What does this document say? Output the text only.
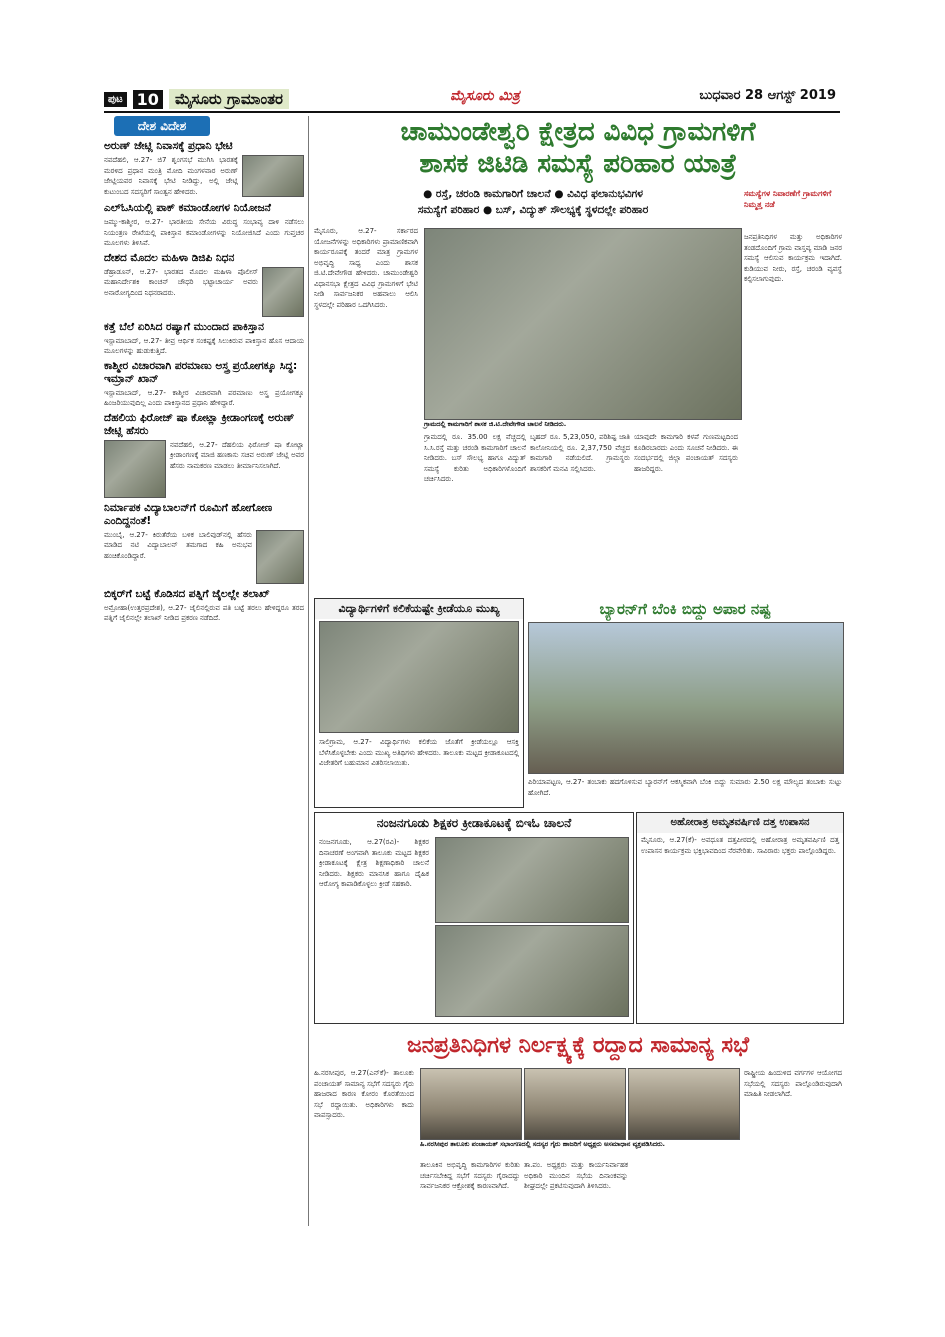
ಪುಟ 10	ಮೈಸೂರು ಗ್ರಾಮಾಂತರ	ಮೈಸೂರು ಮಿತ್ರ	ಬುಧವಾರ 28 ಆಗಸ್ಟ್ 2019
ದೇಶ ವಿದೇಶ
ಅರುಣ್ ಜೇಟ್ಲಿ ನಿವಾಸಕ್ಕೆ ಪ್ರಧಾನಿ ಭೇಟಿ

ನವದೆಹಲಿ, ಆ.27- ಜಿ7 ಶೃಂಗಸಭೆ ಮುಗಿಸಿ ಭಾರತಕ್ಕೆ ಮರಳಿದ ಪ್ರಧಾನ ಮಂತ್ರಿ ಮೋದಿ ಮಂಗಳವಾರ ಅರುಣ್ ಜೇಟ್ಲಿಯವರ ನಿವಾಸಕ್ಕೆ ಭೇಟಿ ನೀಡಿದ್ದು, ಅಲ್ಲಿ ಜೇಟ್ಲಿ ಕುಟುಂಬದ ಸದಸ್ಯರಿಗೆ ಸಾಂತ್ವನ ಹೇಳಿದರು.

ಎಲ್‌ಓಸಿಯಲ್ಲಿ ಪಾಕ್ ಕಮಾಂಡೋಗಳ ನಿಯೋಜನೆ

ಜಮ್ಮು-ಕಾಶ್ಮೀರ, ಆ.27- ಭಾರತೀಯ ಸೇನೆಯ ವಿರುದ್ಧ ಸಂಭಾವ್ಯ ದಾಳಿ ನಡೆಸಲು ನಿಯಂತ್ರಣ ರೇಖೆಯಲ್ಲಿ ಪಾಕಿಸ್ತಾನ ಕಮಾಂಡೋಗಳನ್ನು ನಿಯೋಜಿಸಿದೆ ಎಂದು ಗುಪ್ತಚರ ಮೂಲಗಳು ತಿಳಿಸಿವೆ.

ದೇಶದ ಮೊದಲ ಮಹಿಳಾ ಡಿಜಿಪಿ ನಿಧನ

ಡೆಹ್ರಾಡೂನ್, ಆ.27- ಭಾರತದ ಮೊದಲ ಮಹಿಳಾ ಪೊಲೀಸ್ ಮಹಾನಿರ್ದೇಶಕಿ ಕಾಂಚನ್ ಚೌಧರಿ ಭಟ್ಟಾಚಾರ್ಯ ಅವರು ಅನಾರೋಗ್ಯದಿಂದ ನಿಧನರಾದರು.

ಕತ್ತೆ ಬೆಲೆ ಏರಿಸಿದ ರಷ್ಯಾಗೆ ಮುಂದಾದ ಪಾಕಿಸ್ತಾನ

ಇಸ್ಲಾಮಾಬಾದ್, ಆ.27- ತೀವ್ರ ಆರ್ಥಿಕ ಸಂಕಷ್ಟಕ್ಕೆ ಸಿಲುಕಿರುವ ಪಾಕಿಸ್ತಾನ ಹೊಸ ಆದಾಯ ಮೂಲಗಳನ್ನು ಹುಡುಕುತ್ತಿದೆ.

ಕಾಶ್ಮೀರ ವಿಚಾರವಾಗಿ ಪರಮಾಣು ಅಸ್ತ್ರ ಪ್ರಯೋಗಕ್ಕೂ ಸಿದ್ಧ: ಇಮ್ರಾನ್ ಖಾನ್

ಇಸ್ಲಾಮಾಬಾದ್, ಆ.27- ಕಾಶ್ಮೀರ ವಿಚಾರವಾಗಿ ಪರಮಾಣು ಅಸ್ತ್ರ ಪ್ರಯೋಗಕ್ಕೂ ಹಿಂಜರಿಯುವುದಿಲ್ಲ ಎಂದು ಪಾಕಿಸ್ತಾನದ ಪ್ರಧಾನಿ ಹೇಳಿದ್ದಾರೆ.

ದೆಹಲಿಯ ಫಿರೋಜ್ ಷಾ ಕೋಟ್ಲಾ ಕ್ರೀಡಾಂಗಣಕ್ಕೆ ಅರುಣ್ ಜೇಟ್ಲಿ ಹೆಸರು

ನವದೆಹಲಿ, ಆ.27- ದೆಹಲಿಯ ಫಿರೋಜ್ ಷಾ ಕೋಟ್ಲಾ ಕ್ರೀಡಾಂಗಣಕ್ಕೆ ಮಾಜಿ ಹಣಕಾಸು ಸಚಿವ ಅರುಣ್ ಜೇಟ್ಲಿ ಅವರ ಹೆಸರು ನಾಮಕರಣ ಮಾಡಲು ತೀರ್ಮಾನಿಸಲಾಗಿದೆ.

ನಿರ್ಮಾಪಕ ವಿದ್ಯಾಬಾಲನ್‌ಗೆ ರೂಮಿಗೆ ಹೋಗೋಣ ಎಂದಿದ್ದನಂತೆ!

ಮುಂಬೈ, ಆ.27- ಕಿರುತೆರೆಯ ಬಳಿಕ ಬಾಲಿವುಡ್‌ನಲ್ಲಿ ಹೆಸರು ಮಾಡಿದ ನಟಿ ವಿದ್ಯಾಬಾಲನ್ ತಮಗಾದ ಕಹಿ ಅನುಭವ ಹಂಚಿಕೊಂಡಿದ್ದಾರೆ.

ಬಿಕ್ಕರ್‌ಗೆ ಬಟ್ಟೆ ಕೊಡಿಸದ ಪತ್ನಿಗೆ ಜೈಲಲ್ಲೇ ತಲಾಖ್

ಅಮ್ರೋಹಾ(ಉತ್ತರಪ್ರದೇಶ), ಆ.27- ಜೈಲಿನಲ್ಲಿರುವ ಪತಿ ಬಟ್ಟೆ ತರಲು ಹೇಳಿದ್ದರೂ ತರದ ಪತ್ನಿಗೆ ಜೈಲಿನಲ್ಲೇ ತಲಾಖ್ ನೀಡಿದ ಪ್ರಕರಣ ನಡೆದಿದೆ.

ಚಾಮುಂಡೇಶ್ವರಿ ಕ್ಷೇತ್ರದ ವಿವಿಧ ಗ್ರಾಮಗಳಿಗೆ
ಶಾಸಕ ಜಿಟಿಡಿ ಸಮಸ್ಯೆ ಪರಿಹಾರ ಯಾತ್ರೆ
● ರಸ್ತೆ, ಚರಂಡಿ ಕಾಮಗಾರಿಗೆ ಚಾಲನೆ ● ವಿವಿಧ ಫಲಾನುಭವಿಗಳ
ಸಮಸ್ಯೆಗೆ ಪರಿಹಾರ ● ಬಸ್, ವಿದ್ಯುತ್ ಸೌಲಭ್ಯಕ್ಕೆ ಸ್ಥಳದಲ್ಲೇ ಪರಿಹಾರ
ಸಮಸ್ಯೆಗಳ ನಿವಾರಣೆಗೆ ಗ್ರಾಮಗಳಿಗೆ ನಿಮ್ಮತ್ತ ನಡೆ

ಮೈಸೂರು, ಆ.27- ಸರ್ಕಾರದ ಯೋಜನೆಗಳನ್ನು ಅಧಿಕಾರಿಗಳು ಪ್ರಾಮಾಣಿಕವಾಗಿ ಕಾರ್ಯರೂಪಕ್ಕೆ ತಂದರೆ ಮಾತ್ರ ಗ್ರಾಮಗಳ ಅಭಿವೃದ್ಧಿ ಸಾಧ್ಯ ಎಂದು ಶಾಸಕ ಜಿ.ಟಿ.ದೇವೇಗೌಡ ಹೇಳಿದರು. ಚಾಮುಂಡೇಶ್ವರಿ ವಿಧಾನಸಭಾ ಕ್ಷೇತ್ರದ ವಿವಿಧ ಗ್ರಾಮಗಳಿಗೆ ಭೇಟಿ ನೀಡಿ ಸಾರ್ವಜನಿಕರ ಅಹವಾಲು ಆಲಿಸಿ ಸ್ಥಳದಲ್ಲೇ ಪರಿಹಾರ ಒದಗಿಸಿದರು.

ಗ್ರಾಮದಲ್ಲಿ ಕಾಮಗಾರಿಗೆ ಶಾಸಕ ಜಿ.ಟಿ.ದೇವೇಗೌಡ ಚಾಲನೆ ನೀಡಿದರು.

ಗ್ರಾಮದಲ್ಲಿ ರೂ. 35.00 ಲಕ್ಷ ವೆಚ್ಚದಲ್ಲಿ ಸಿ.ಸಿ.ರಸ್ತೆ ಮತ್ತು ಚರಂಡಿ ಕಾಮಗಾರಿಗೆ ಚಾಲನೆ ನೀಡಿದರು. ಬಸ್ ಸೌಲಭ್ಯ ಹಾಗೂ ವಿದ್ಯುತ್ ಸಮಸ್ಯೆ ಕುರಿತು ಅಧಿಕಾರಿಗಳೊಂದಿಗೆ ಚರ್ಚಿಸಿದರು.

ಬೃಹದ್ ರೂ. 5,23,050, ಪರಿಶಿಷ್ಟ ಜಾತಿ ಕಾಲೋನಿಯಲ್ಲಿ ರೂ. 2,37,750 ವೆಚ್ಚದ ಕಾಮಗಾರಿ ನಡೆಯಲಿದೆ. ಗ್ರಾಮಸ್ಥರು ಶಾಸಕರಿಗೆ ಮನವಿ ಸಲ್ಲಿಸಿದರು.

ಯಾವುದೇ ಕಾಮಗಾರಿ ಕಳಪೆ ಗುಣಮಟ್ಟದಿಂದ ಕೂಡಿರಬಾರದು ಎಂದು ಸೂಚನೆ ನೀಡಿದರು. ಈ ಸಂದರ್ಭದಲ್ಲಿ ಜಿಲ್ಲಾ ಪಂಚಾಯತ್ ಸದಸ್ಯರು ಹಾಜರಿದ್ದರು.

ಜನಪ್ರತಿನಿಧಿಗಳ ಮತ್ತು ಅಧಿಕಾರಿಗಳ ತಂಡದೊಂದಿಗೆ ಗ್ರಾಮ ವಾಸ್ತವ್ಯ ಮಾಡಿ ಜನರ ಸಮಸ್ಯೆ ಆಲಿಸುವ ಕಾರ್ಯಕ್ರಮ ಇದಾಗಿದೆ. ಕುಡಿಯುವ ನೀರು, ರಸ್ತೆ, ಚರಂಡಿ ವ್ಯವಸ್ಥೆ ಕಲ್ಪಿಸಲಾಗುವುದು.

ವಿದ್ಯಾರ್ಥಿಗಳಿಗೆ ಕಲಿಕೆಯಷ್ಟೇ ಕ್ರೀಡೆಯೂ ಮುಖ್ಯ

ಸಾಲಿಗ್ರಾಮ, ಆ.27- ವಿದ್ಯಾರ್ಥಿಗಳು ಕಲಿಕೆಯ ಜೊತೆಗೆ ಕ್ರೀಡೆಯಲ್ಲೂ ಆಸಕ್ತಿ ಬೆಳೆಸಿಕೊಳ್ಳಬೇಕು ಎಂದು ಮುಖ್ಯ ಅತಿಥಿಗಳು ಹೇಳಿದರು. ತಾಲೂಕು ಮಟ್ಟದ ಕ್ರೀಡಾಕೂಟದಲ್ಲಿ ವಿಜೇತರಿಗೆ ಬಹುಮಾನ ವಿತರಿಸಲಾಯಿತು.

ಬ್ಯಾರನ್‌ಗೆ ಬೆಂಕಿ ಬಿದ್ದು ಅಪಾರ ನಷ್ಟ

ಪಿರಿಯಾಪಟ್ಟಣ, ಆ.27- ತಂಬಾಕು ಹದಗೊಳಿಸುವ ಬ್ಯಾರನ್‌ಗೆ ಆಕಸ್ಮಿಕವಾಗಿ ಬೆಂಕಿ ಬಿದ್ದು ಸುಮಾರು 2.50 ಲಕ್ಷ ಮೌಲ್ಯದ ತಂಬಾಕು ಸುಟ್ಟು ಹೋಗಿದೆ.

ನಂಜನಗೂಡು ಶಿಕ್ಷಕರ ಕ್ರೀಡಾಕೂಟಕ್ಕೆ ಬಿಇಓ ಚಾಲನೆ

ನಂಜನಗೂಡು, ಆ.27(ರವಿ)- ಶಿಕ್ಷಕರ ದಿನಾಚರಣೆ ಅಂಗವಾಗಿ ತಾಲೂಕು ಮಟ್ಟದ ಶಿಕ್ಷಕರ ಕ್ರೀಡಾಕೂಟಕ್ಕೆ ಕ್ಷೇತ್ರ ಶಿಕ್ಷಣಾಧಿಕಾರಿ ಚಾಲನೆ ನೀಡಿದರು. ಶಿಕ್ಷಕರು ಮಾನಸಿಕ ಹಾಗೂ ದೈಹಿಕ ಆರೋಗ್ಯ ಕಾಪಾಡಿಕೊಳ್ಳಲು ಕ್ರೀಡೆ ಸಹಕಾರಿ.

ಅಹೋರಾತ್ರ ಅಮೃತವರ್ಷಿಣಿ ದತ್ತ ಉಪಾಸನ

ಮೈಸೂರು, ಆ.27(ಕೆ)- ಅವಧೂತ ದತ್ತಪೀಠದಲ್ಲಿ ಅಹೋರಾತ್ರ ಅಮೃತವರ್ಷಿಣಿ ದತ್ತ ಉಪಾಸನ ಕಾರ್ಯಕ್ರಮ ಭಕ್ತಿಭಾವದಿಂದ ನೆರವೇರಿತು. ಸಾವಿರಾರು ಭಕ್ತರು ಪಾಲ್ಗೊಂಡಿದ್ದರು.

ಜನಪ್ರತಿನಿಧಿಗಳ ನಿರ್ಲಕ್ಷ್ಯಕ್ಕೆ ರದ್ದಾದ ಸಾಮಾನ್ಯ ಸಭೆ

ಹಿ.ನರಸೀಪುರ, ಆ.27(ಎನ್‌ಕೆ)- ತಾಲೂಕು ಪಂಚಾಯತ್ ಸಾಮಾನ್ಯ ಸಭೆಗೆ ಸದಸ್ಯರು ಗೈರು ಹಾಜರಾದ ಕಾರಣ ಕೋರಂ ಕೊರತೆಯಿಂದ ಸಭೆ ರದ್ದಾಯಿತು. ಅಧಿಕಾರಿಗಳು ಕಾದು ವಾಪಸ್ಸಾದರು.

ಹಿ.ನರಸೀಪುರ ತಾಲೂಕು ಪಂಚಾಯತ್ ಸಭಾಂಗಣದಲ್ಲಿ ಸದಸ್ಯರ ಗೈರು ಹಾಜರಿಗೆ ಅಧ್ಯಕ್ಷರು ಅಸಮಾಧಾನ ವ್ಯಕ್ತಪಡಿಸಿದರು.

ತಾಲೂಕಿನ ಅಭಿವೃದ್ಧಿ ಕಾಮಗಾರಿಗಳ ಕುರಿತು ಚರ್ಚಿಸಬೇಕಿದ್ದ ಸಭೆಗೆ ಸದಸ್ಯರು ಗೈರಾದದ್ದು ಸಾರ್ವಜನಿಕರ ಆಕ್ರೋಶಕ್ಕೆ ಕಾರಣವಾಗಿದೆ.

ತಾ.ಪಂ. ಅಧ್ಯಕ್ಷರು ಮತ್ತು ಕಾರ್ಯನಿರ್ವಾಹಕ ಅಧಿಕಾರಿ ಮುಂದಿನ ಸಭೆಯ ದಿನಾಂಕವನ್ನು ಶೀಘ್ರದಲ್ಲೇ ಪ್ರಕಟಿಸುವುದಾಗಿ ತಿಳಿಸಿದರು.

ರಾಷ್ಟ್ರೀಯ ಹಿಂದುಳಿದ ವರ್ಗಗಳ ಆಯೋಗದ ಸಭೆಯಲ್ಲಿ ಸದಸ್ಯರು ಪಾಲ್ಗೊಂಡಿರುವುದಾಗಿ ಮಾಹಿತಿ ನೀಡಲಾಗಿದೆ.
